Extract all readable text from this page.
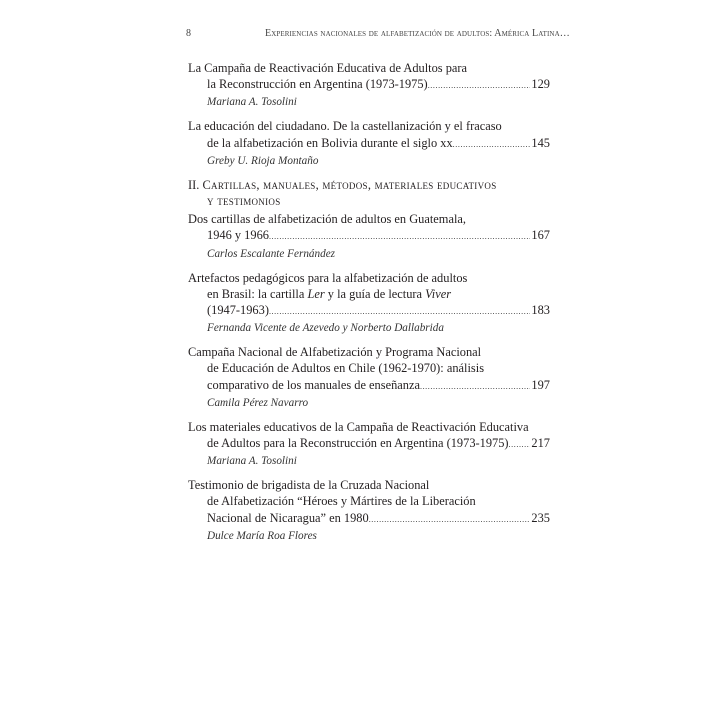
8	Experiencias nacionales de alfabetización de adultos: América Latina…
La Campaña de Reactivación Educativa de Adultos para
la Reconstrucción en Argentina (1973-1975) .....	129
Mariana A. Tosolini
La educación del ciudadano. De la castellanización y el fracaso
de la alfabetización en Bolivia durante el siglo xx .....	145
Greby U. Rioja Montaño
II. Cartillas, manuales, métodos, materiales educativos
y testimonios
Dos cartillas de alfabetización de adultos en Guatemala,
1946 y 1966 .....	167
Carlos Escalante Fernández
Artefactos pedagógicos para la alfabetización de adultos
en Brasil: la cartilla Ler y la guía de lectura Viver
(1947-1963) .....	183
Fernanda Vicente de Azevedo y Norberto Dallabrida
Campaña Nacional de Alfabetización y Programa Nacional
de Educación de Adultos en Chile (1962-1970): análisis
comparativo de los manuales de enseñanza .....	197
Camila Pérez Navarro
Los materiales educativos de la Campaña de Reactivación Educativa
de Adultos para la Reconstrucción en Argentina (1973-1975) ..... 217
Mariana A. Tosolini
Testimonio de brigadista de la Cruzada Nacional
de Alfabetización “Héroes y Mártires de la Liberación
Nacional de Nicaragua” en 1980 .....	235
Dulce María Roa Flores
